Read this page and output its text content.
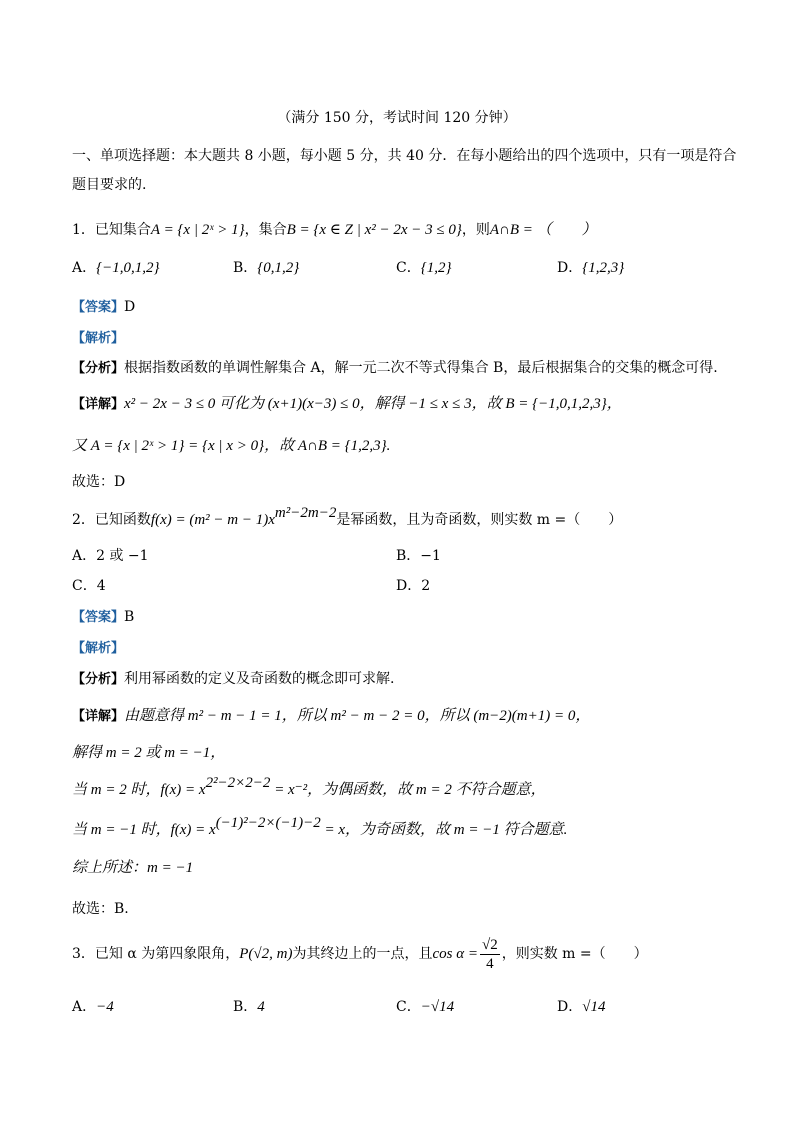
（满分 150 分，考试时间 120 分钟）
一、单项选择题：本大题共 8 小题，每小题 5 分，共 40 分．在每小题给出的四个选项中，只有一项是符合
题目要求的.
1．已知集合A = {x | 2ˣ > 1}，集合B = {x ∈ Z | x² − 2x − 3 ≤ 0}，则A∩B = （　　）
A．{−1,0,1,2}	B．{0,1,2}	C．{1,2}	D．{1,2,3}
【答案】D
【解析】
【分析】根据指数函数的单调性解集合 A，解一元二次不等式得集合 B，最后根据集合的交集的概念可得.
【详解】x² − 2x − 3 ≤ 0 可化为 (x+1)(x−3) ≤ 0，解得 −1 ≤ x ≤ 3，故 B = {−1,0,1,2,3}，
又 A = {x | 2ˣ > 1} = {x | x > 0}，故 A∩B = {1,2,3}.
故选：D
2．已知函数$f(x) = (m^2 - m - 1)x^{m^2-2m-2}$是幂函数，且为奇函数，则实数 m =（　　）
A．2 或 −1	B．−1
C．4	D．2
【答案】B
【解析】
【分析】利用幂函数的定义及奇函数的概念即可求解.
【详解】由题意得 m² − m − 1 = 1，所以 m² − m − 2 = 0，所以 (m−2)(m+1) = 0，
解得 m = 2 或 m = −1，
当 m = 2 时，$f(x) = x^{2^2-2\times 2-2} = x^{-2}$，为偶函数，故 m = 2 不符合题意，
当 m = −1 时，$f(x) = x^{(-1)^2-2\times(-1)-2} = x$，为奇函数，故 m = −1 符合题意.
综上所述：m = −1
故选：B.
3．已知 α 为第四象限角，P(√2, m)为其终边上的一点，且$\cos \alpha = \frac{√2}{4}$ ，则实数 m =（　　）
A．−4	B．4	C．−√14	D．√14
